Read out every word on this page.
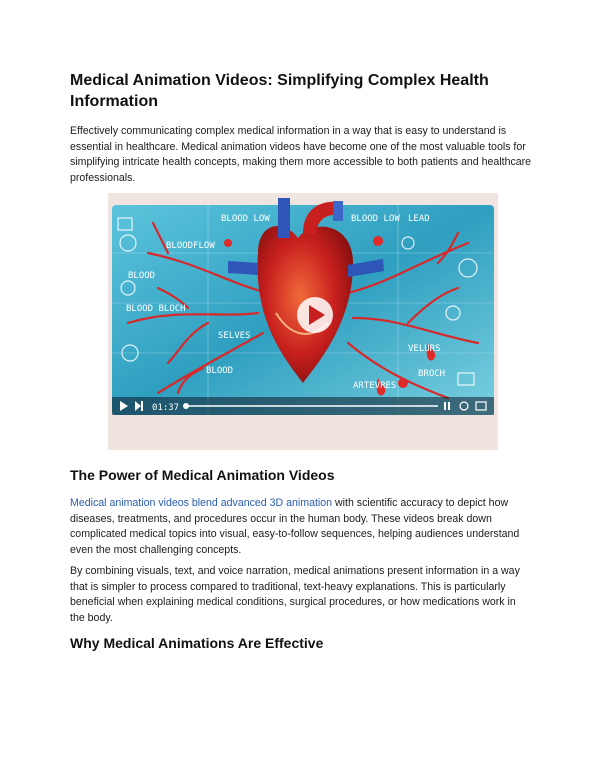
Medical Animation Videos: Simplifying Complex Health Information

Effectively communicating complex medical information in a way that is easy to understand is essential in healthcare. Medical animation videos have become one of the most valuable tools for simplifying intricate health concepts, making them more accessible to both patients and healthcare professionals.

BLOOD LOW
BLOODFLOW
BLOOD
BLOOD LOW LEAD
BLOOD BLOCH
SELVES
BLOOD
VELURS
ARTEVRES
BROCH
01:37
The Power of Medical Animation Videos

Medical animation videos blend advanced 3D animation with scientific accuracy to depict how diseases, treatments, and procedures occur in the human body. These videos break down complicated medical topics into visual, easy-to-follow sequences, helping audiences understand even the most challenging concepts.

By combining visuals, text, and voice narration, medical animations present information in a way that is simpler to process compared to traditional, text-heavy explanations. This is particularly beneficial when explaining medical conditions, surgical procedures, or how medications work in the body.

Why Medical Animations Are Effective
